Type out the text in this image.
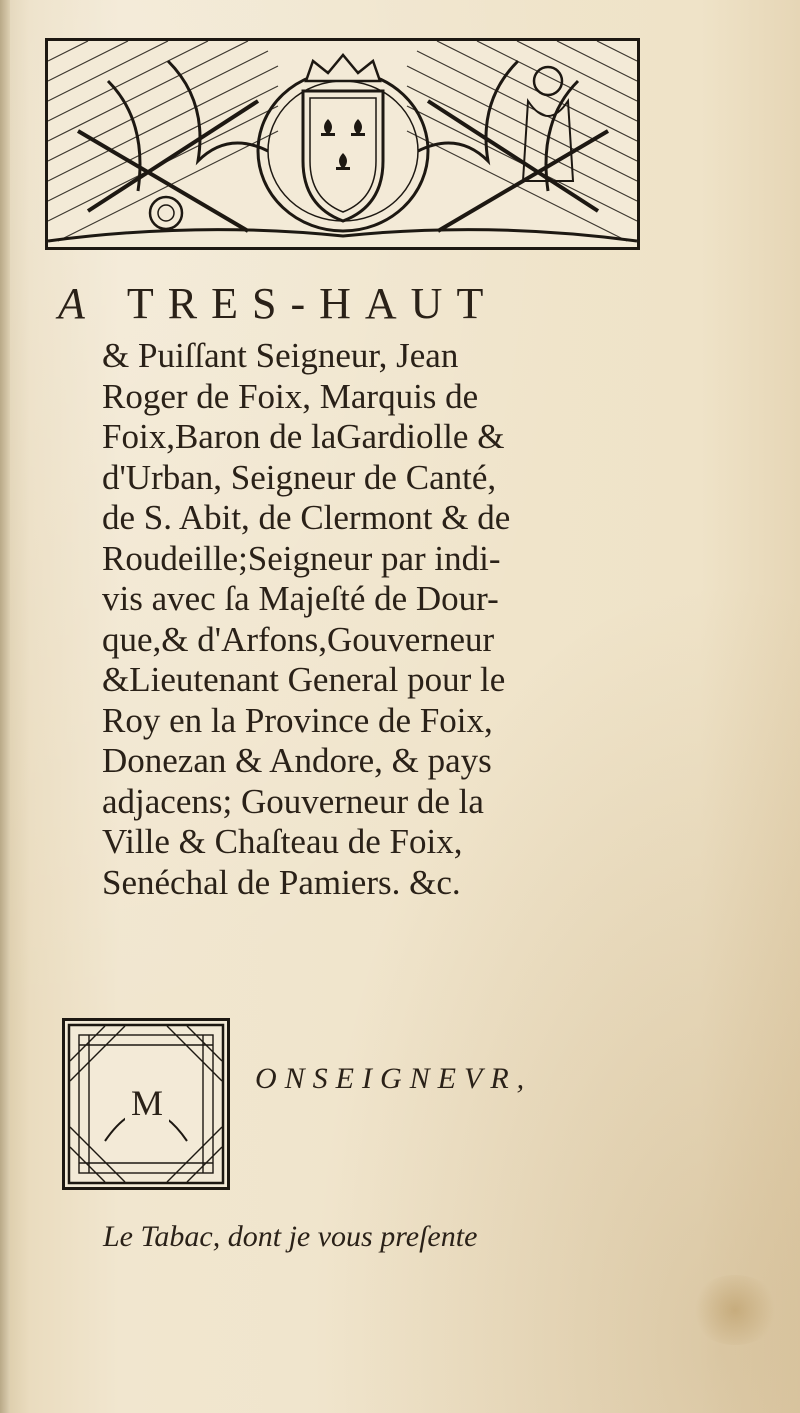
A TRES-HAUT
& Puiſſant Seigneur, Jean
Roger de Foix, Marquis de
Foix,Baron de laGardiolle &
d'Urban, Seigneur de Canté,
de S. Abit, de Clermont & de
Roudeille;Seigneur par indi-
vis avec ſa Majeſté de Dour-
que,& d'Arfons,Gouverneur
&Lieutenant General pour le
Roy en la Province de Foix,
Donezan & Andore, & pays
adjacens; Gouverneur de la
Ville & Chaſteau de Foix,
Senéchal de Pamiers. &c.
M
ONSEIGNEVR,
Le Tabac, dont je vous preſente
